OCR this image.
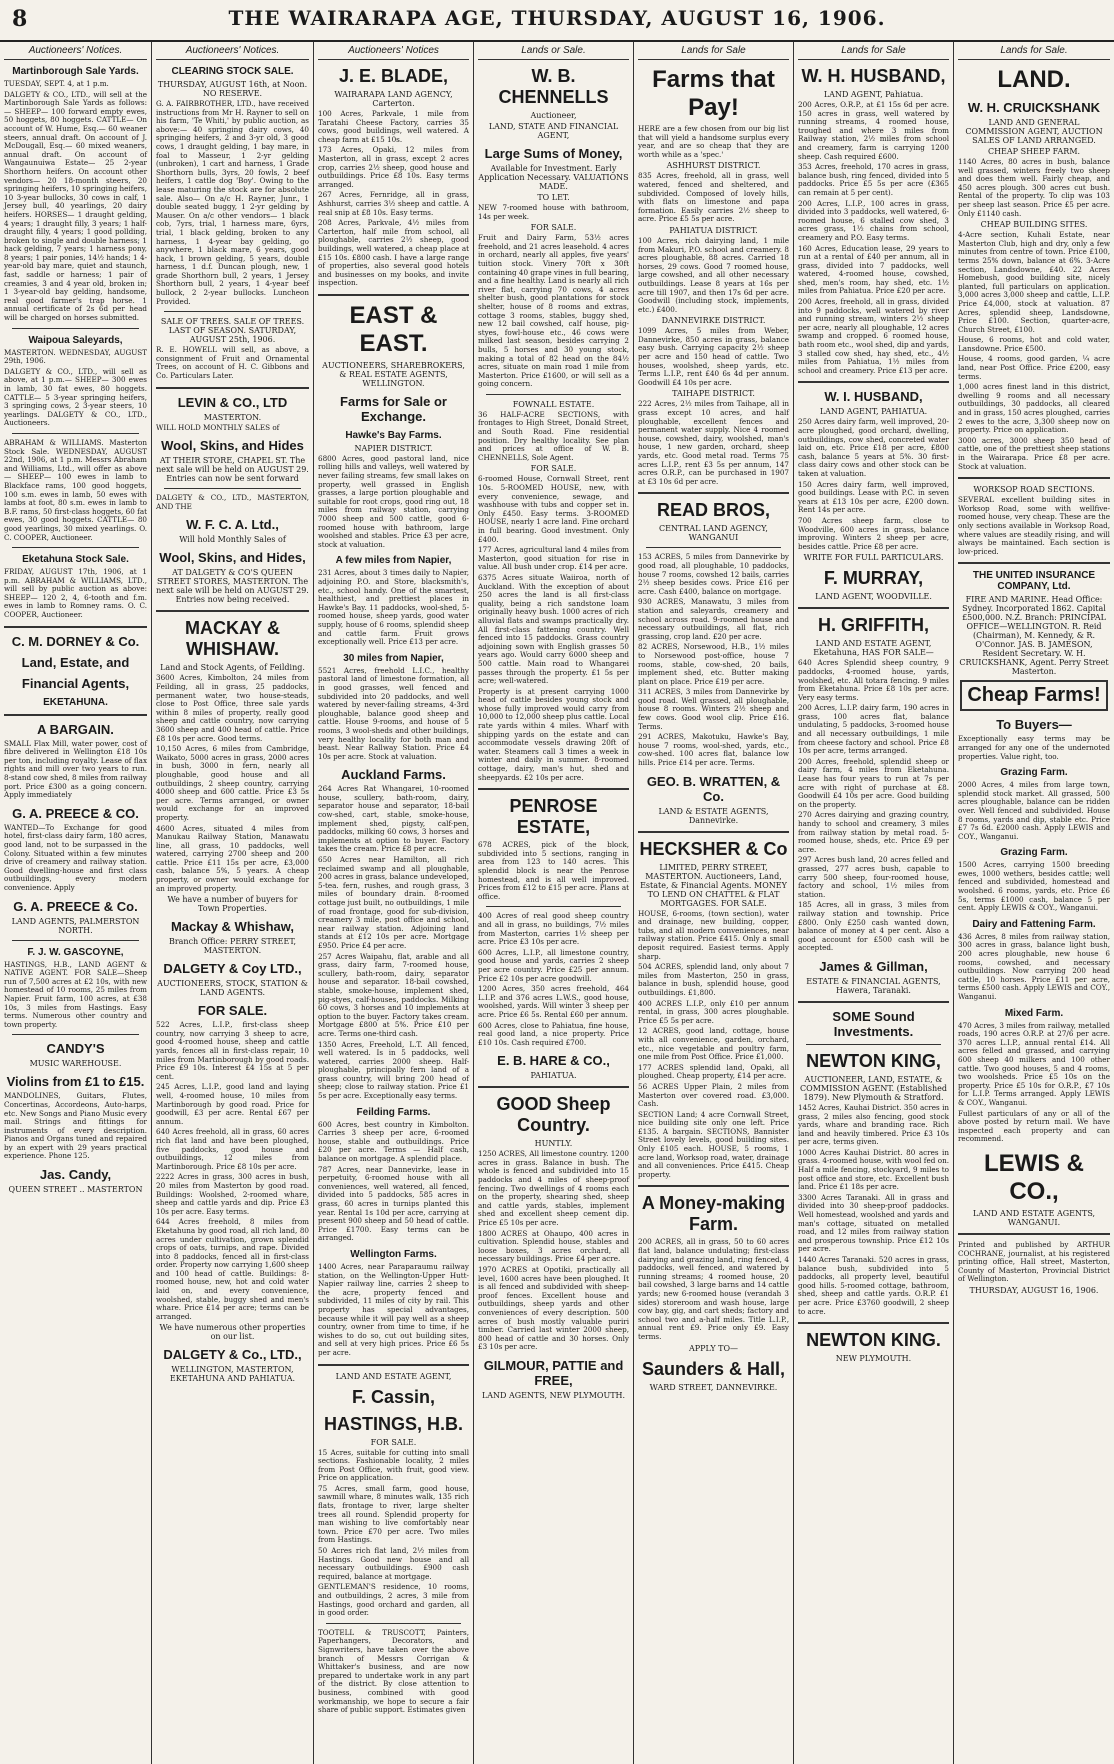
8	THE WAIRARAPA AGE, THURSDAY, AUGUST 16, 1906.
Auctioneers' Notices.
Martinborough Sale Yards.
TUESDAY, SEPT. 4, at 1 p.m.
DALGETY & CO., LTD., will sell at the Martinborough Sale Yards as follows:— SHEEP— 100 forward empty ewes, 50 hoggets, 80 hoggets. CATTLE— On account of W. Hume, Esq.— 60 weaner steers, annual draft. On account of J. McDougall, Esq.— 60 mixed weaners, annual draft. On account of Wangaunuiwa Estate— 25 2-year Shorthorn heifers. On account other vendors— 20 18-month steers, 20 springing heifers, 10 springing heifers, 10 3-year bullocks, 30 cows in calf, 1 Jersey bull, 40 yearlings, 20 dairy heifers. HORSES— 1 draught gelding, 4 years; 1 draught filly, 3 years; 1 half-draught filly, 4 years; 1 good pollding, broken to single and double harness; 1 hack gelding, 7 years; 1 harness pony, 8 years; 1 pair ponies, 14½ hands; 1 4-year-old bay mare, quiet and staunch, fast, saddle or harness; 1 pair of creamies, 3 and 4 year old, broken in; 1 3-year-old bay gelding, handsome, real good farmer's trap horse. 1 annual certificate of 2s 6d per head will be charged on horses submitted.
Waipoua Saleyards,
MASTERTON. WEDNESDAY, AUGUST 29th, 1906.
DALGETY & CO., LTD., will sell as above, at 1 p.m.— SHEEP— 300 ewes in lamb, 30 fat ewes, 80 hoggets. CATTLE— 5 3-year springing heifers, 3 springing cows, 2 3-year steers, 10 yearlings. DALGETY & CO., LTD., Auctioneers.
ABRAHAM & WILLIAMS. Masterton Stock Sale. WEDNESDAY, AUGUST 22nd, 1906, at 1 p.m. Messrs Abraham and Williams, Ltd., will offer as above— SHEEP— 100 ewes in lamb to Blackface rams, 100 good hoggets, 100 s.m. ewes in lamb, 50 ewes with lambs at foot, 80 s.m. ewes in lamb to B.F. rams, 50 first-class hoggets, 60 fat ewes, 30 good hoggets. CATTLE— 80 good yearlings, 30 mixed yearlings. O. C. COOPER, Auctioneer.
Eketahuna Stock Sale.
FRIDAY, AUGUST 17th, 1906, at 1 p.m. ABRAHAM & WILLIAMS, LTD., will sell by public auction as above: SHEEP— 120 2, 4, 6-tooth and f.m. ewes in lamb to Romney rams. O. C. COOPER, Auctioneer.
C. M. DORNEY & Co.
Land, Estate, and
Financial Agents,
EKETAHUNA.
A BARGAIN.
SMALL Flax Mill, water power, cost of fibre delivered in Wellington £18 10s per ton, including royalty. Lease of flax rights and mill over two years to run. 8-stand cow shed, 8 miles from railway port. Price £300 as a going concern. Apply immediately
G. A. PREECE & CO.
WANTED—To Exchange for good hotel, first-class dairy farm, 180 acres, good land, not to be surpassed in the Colony. Situated within a few minutes drive of creamery and railway station. Good dwelling-house and first class outbuildings, every modern convenience. Apply
G. A. PREECE & Co.
LAND AGENTS, PALMERSTON NORTH.
F. J. W. GASCOYNE,
HASTINGS, H.B., LAND AGENT & NATIVE AGENT. FOR SALE—Sheep run of 7,500 acres at £2 10s, with new homestead of 10 rooms, 25 miles from Napier. Fruit farm, 100 acres, at £38 10s, 3 miles from Hastings. Easy terms. Numerous other country and town property.
CANDY'S
MUSIC WAREHOUSE.
Violins from £1 to £15.
MANDOLINES, Guitars, Flutes, Concertinas, Accordeons, Auto-harps, etc. New Songs and Piano Music every mail. Strings and fittings for instruments of every description. Pianos and Organs tuned and repaired by an expert with 29 years practical experience. Phone 125.
Jas. Candy,
QUEEN STREET .. MASTERTON
Auctioneers' Notices.
CLEARING STOCK SALE.
THURSDAY, AUGUST 16th, at Noon. NO RESERVE.
G. A. FAIRBROTHER, LTD., have received instructions from Mr H. Rayner to sell on his farm, 'Te Whiti,' by public auction, as above:— 40 springing dairy cows, 40 springing heifers, 2 and 3-yr old, 3 good cows, 1 draught gelding, 1 bay mare, in foal to Masseur, 1 2-yr gelding (unbroken), 1 cart and harness, 1 Grade Shorthorn bulls, 3yrs, 20 fowls, 2 beef heifers, 1 cattle dog 'Boy'. Owing to the lease maturing the stock are for absolute sale. Also— On a/c H. Rayner, Junr., 1 double seated buggy, 1 2-yr gelding by Mauser. On a/c other vendors— 1 black cob, 7yrs, trial, 1 harness mare, 6yrs, trial, 1 black gelding, broken to any harness, 1 4-year bay gelding, go anywhere, 1 black mare, 6 years, good hack, 1 brown gelding, 5 years, double harness, 1 d.f. Duncan plough, new, 1 grade Shorthorn bull, 2 years, 1 Jersey Shorthorn bull, 2 years, 1 4-year beef bullock, 2 2-year bullocks. Luncheon Provided.
SALE OF TREES. SALE OF TREES. LAST OF SEASON. SATURDAY, AUGUST 25th, 1906.
R. E. HOWELL will sell, as above, a consignment of Fruit and Ornamental Trees, on account of H. C. Gibbons and Co. Particulars Later.
LEVIN & CO., LTD
MASTERTON.
WILL HOLD MONTHLY SALES of
Wool, Skins, and Hides
AT THEIR STORE, CHAPEL ST. The next sale will be held on AUGUST 29. Entries can now be sent forward
DALGETY & CO., LTD., MASTERTON, AND THE
W. F. C. A. Ltd.,
Will hold Monthly Sales of
Wool, Skins, and Hides,
AT DALGETY & CO'S QUEEN STREET STORES, MASTERTON. The next sale will be held on AUGUST 29. Entries now being received.
MACKAY & WHISHAW.
Land and Stock Agents, of Feilding.
3600 Acres, Kimbolton, 24 miles from Feilding, all in grass, 25 paddocks, permanent water, two house-steads, close to Post Office, three sale yards within 8 miles of property, really good sheep and cattle country, now carrying 3600 sheep and 400 head of cattle. Price £8 10s per acre. Good terms.
10,150 Acres, 6 miles from Cambridge, Waikato, 5000 acres in grass, 2000 acres in bush, 3000 in fern, nearly all ploughable, good house and all outbuildings, 2 sheep country, carrying 4000 sheep and 600 cattle. Price £3 5s per acre. Terms arranged, or owner would exchange for an improved property.
4600 Acres, situated 4 miles from Manukau Railway Station, Manawatu line, all grass, 10 paddocks, well watered, carrying 2700 sheep and 200 cattle. Price £11 15s per acre, £3,000 cash, balance 5%, 5 years. A cheap property, or owner would exchange for an improved property.
We have a number of buyers for Town Properties.
Mackay & Whishaw,
Branch Office: PERRY STREET, MASTERTON.
DALGETY & Coy LTD.,
AUCTIONEERS, STOCK, STATION & LAND AGENTS.
FOR SALE.
522 Acres, L.I.P., first-class sheep country, now carrying 3 sheep to acre, good 4-roomed house, sheep and cattle yards, fences all in first-class repair, 10 miles from Martinborough by good roads. Price £9 10s. Interest £4 15s at 5 per cent.
245 Acres, L.I.P., good land and laying well, 4-roomed house, 10 miles from Martinborough by good road. Price for goodwill, £3 per acre. Rental £67 per annum.
640 Acres freehold, all in grass, 60 acres rich flat land and have been ploughed, five paddocks, good house and outbuildings, 12 miles from Martinborough. Price £8 10s per acre.
2222 Acres in grass, 300 acres in bush, 20 miles from Masterton by good road. Buildings: Woolshed, 2-roomed whare, sheep and cattle yards and dip. Price £3 10s per acre. Easy terms.
644 Acres freehold, 8 miles from Eketahuna by good road, all rich land, 80 acres under cultivation, grown splendid crops of oats, turnips, and rape. Divided into 8 paddocks, fenced all in first-class order. Property now carrying 1,600 sheep and 100 head of cattle. Buildings: 8-roomed house, new, hot and cold water laid on, and every convenience, woolshed, stable, buggy shed and men's whare. Price £14 per acre; terms can be arranged.
We have numerous other properties on our list.
DALGETY & Co., LTD.,
WELLINGTON, MASTERTON, EKETAHUNA AND PAHIATUA.
Auctioneers' Notices
J. E. BLADE,
WAIRARAPA LAND AGENCY, Carterton.
100 Acres, Parkvale, 1 mile from Taratahi Cheese Factory, carries 35 cows, good buildings, well watered. A cheap farm at £15 10s.
173 Acres, Opaki, 12 miles from Masterton, all in grass, except 2 acres crop, carries 2½ sheep, good house and outbuildings. Price £8 10s. Easy terms arranged.
267 Acres, Fernridge, all in grass, Ashhurst, carries 3½ sheep and cattle. A real snip at £8 10s. Easy terms.
208 Acres, Parkvale, 4½ miles from Carterton, half mile from school, all ploughable, carries 2½ sheep, good buildings, well watered, a cheap place at £15 10s. £800 cash. I have a large range of properties, also several good hotels and businesses on my books, and invite inspection.
EAST & EAST.
AUCTIONEERS, SHAREBROKERS, & REAL ESTATE AGENTS, WELLINGTON.
Farms for Sale or Exchange.
Hawke's Bay Farms.
NAPIER DISTRICT.
6800 Acres, good pastoral land, nice rolling hills and valleys, well watered by never failing streams, few small lakes on property, well grassed in English grasses, a large portion ploughable and suitable for root crops, good ring out, 18 miles from railway station, carrying 7000 sheep and 500 cattle, good 6-roomed house with bathroom, large woolshed and stables. Price £3 per acre, stock at valuation.
A few miles from Napier,
231 Acres, about 3 times daily to Napier, adjoining P.O. and Store, blacksmith's, etc., school handy. One of the smartest, healthiest, and prettiest places in Hawke's Bay. 11 paddocks, wool-shed, 5-roomed house, sheep yards, good water supply, house of 6 rooms, splendid sheep and cattle farm. Fruit grows exceptionally well. Price £13 per acre.
30 miles from Napier,
5521 Acres, freehold L.I.C., healthy pastoral land of limestone formation, all in good grasses, well fenced and subdivided into 20 paddocks, and well watered by never-failing streams, 4-3rd ploughable, balance good sheep and cattle. House 9-rooms, and house of 5 rooms, 3 wool-sheds and other buildings, very healthy locality for both man and beast. Near Rallway Station. Price £4 10s per acre. Stock at valuation.
Auckland Farms.
264 Acres Rat Whangarei, 10-roomed house, scullery, bath-room, dairy, separator house and separator, 18-bail cow-shed, cart, stable, smoke-house, implement shed, pigsty, calf-pen, paddocks, milking 60 cows, 3 horses and implements at option to buyer. Factory takes the cream. Price £8 per acre.
650 Acres near Hamilton, all rich reclaimed swamp and all ploughable, 200 acres in grass, balance undeveloped, 5-tea. fern, rushes, and rough grass, 3 miles of boundary drain. 8-roomed cottage just built, no outbuildings, 1 mile of road frontage, good for sub-division, creamery 3 mile, post office and school, near railway station. Adjoining land stands at £12 10s per acre. Mortgage £950. Price £4 per acre.
257 Acres Waipahu, flat, arable and all grass, dairy farm, 7-roomed house, scullery, bath-room, dairy, separator house and separator. 18-bail cowshed, stable, smoke-house, implement shed, pig-styes, calf-houses, paddocks. Milking 60 cows, 3 horses and 10 implements at option to the buyer. Factory takes cream. Mortgage £800 at 5%. Price £10 per acre. Terms one-third cash.
1350 Acres, Freehold, L.T. All fenced, well watered. Is in 5 paddocks, well watered, carries 2000 sheep. Half-ploughable, principally fern land of a grass country, will bring 200 head of sheep; close to railway station. Price £1 5s per acre. Exceptionally easy terms.
Feilding Farms.
600 Acres, best country in Kimbolton. Carries 3 sheep per acre, 6-roomed house, stable and outbuildings. Price £20 per acre. Terms — Half cash, balance on mortgage. A splendid place.
787 Acres, near Dannevirke, lease in perpetuity, 6-roomed house with all conveniences, well watered, all fenced, divided into 5 paddocks, 585 acres in grass, 60 acres in turnips planted this year. Rental 1s 10d per acre, carrying at present 900 sheep and 50 head of cattle. Price £1700. Easy terms can be arranged.
Wellington Farms.
1400 Acres, near Paraparaumu railway station, on the Wellington-Upper Hutt-Napier railway line, carries 2 sheep to the acre, property fenced and subdivided, 11 miles of city by rail. This property has special advantages, because while it will pay well as a sheep country, owner from time to time, if he wishes to do so, cut out building sites, and sell at very high prices. Price £6 5s per acre.
LAND AND ESTATE AGENT,
F. Cassin,
HASTINGS, H.B.
FOR SALE.
15 Acres, suitable for cutting into small sections. Fashionable locality, 2 miles from Post Office, with fruit, good view. Price on application.
75 Acres, small farm, good house, sawmill whare, 8 minutes walk, 135 rich flats, frontage to river, large shelter trees all round. Splendid property for man wishing to live comfortably near town. Price £70 per acre. Two miles from Hastings.
50 Acres rich flat land, 2½ miles from Hastings. Good new house and all necessary outbuildings. £900 cash required, balance at mortgage.
GENTLEMAN'S residence, 10 rooms, and outbuildings, 2 acres, 3 mile from Hastings, good orchard and garden, all in good order.
TOOTELL & TRUSCOTT, Painters, Paperhangers, Decorators, and Signwriters, have taken over the above branch of Messrs Corrigan & Whittaker's business, and are now prepared to undertake work in any part of the district. By close attention to business, combined with good workmanship, we hope to secure a fair share of public support. Estimates given
Lands or Sale.
W. B. CHENNELLS
Auctioneer,
LAND, STATE AND FINANCIAL AGENT,
Large Sums of Money,
Available for Investment. Early Application Necessary. VALUATIONS MADE.
TO LET.
NEW 7-roomed house with bathroom, 14s per week.
FOR SALE.
Fruit and Dairy Farm, 53½ acres freehold, and 21 acres leasehold. 4 acres in orchard, nearly all apples, five years' tuition stock. Vinery 70ft x 30ft containing 40 grape vines in full bearing, and a fine healthy. Land is nearly all rich river flat, carrying 70 cows, 4 acres shelter bush, good plantations for stock shelter, house of 8 rooms and extras, cottage 3 rooms, stables, buggy shed, new 12 bail cowshed, calf house, pig-styes, fowl-house etc., 46 cows were milked last season, besides carrying 2 bulls, 5 horses and 30 young stock, making a total of 82 head on the 84½ acres, situate on main road 1 mile from Masterton. Price £1600, or will sell as a going concern.
FOWNALL ESTATE.
36 HALF-ACRE SECTIONS, with frontages to High Street, Donald Street, and South Road. Fine residential position. Dry healthy locality. See plan and prices at office of W. B. CHENNELLS, Sole Agent.
FOR SALE.
6-roomed House, Cornwall Street, rent 10s. 5-ROOMED HOUSE, new, with every convenience, sewage, and washhouse with tubs and copper set in. Only £450. Easy terms. 3-ROOMED HOUSE, nearly 1 acre land. Fine orchard in full bearing. Good investment. Only £400.
177 Acres, agricultural land 4 miles from Masterton, good situation for rise in value. All bush under crop. £14 per acre.
6375 Acres situate Waiiroa, north of Auckland. With the exception of about 250 acres the land is all first-class quality, being a rich sandstone loam originally heavy bush. 1000 acres of rich alluvial flats and swamps practically dry. All first-class fattening country. Well fenced into 15 paddocks. Grass country adjoining sown with English grasses 50 years ago. Would carry 6000 sheep and 500 cattle. Main road to Whangarei passes through the property. £1 5s per acre; well-watered.
Property is at present carrying 1000 head of cattle besides young stock and whose fully improved would carry from 10,000 to 12,000 sheep plus cattle. Local rate yards within 4 miles. Wharf with shipping yards on the estate and can accommodate vessels drawing 20ft of water. Steamers call 3 times a week in winter and daily in summer. 8-roomed cottage, dairy, man's hut, shed and sheepyards. £2 10s per acre.
PENROSE ESTATE,
678 ACRES, pick of the block, subdivided into 5 sections, ranging in area from 123 to 140 acres. This splendid block is near the Penrose homestead, and is all well improved. Prices from £12 to £15 per acre. Plans at office.
400 Acres of real good sheep country and all in grass, no buildings, 7½ miles from Masterton, carries 1½ sheep per acre. Price £3 10s per acre.
600 Acres, L.I.P., all limestone country, good house and yards, carries 2 sheep per acre country. Price £25 per annum. Price £2 10s per acre goodwill.
1200 Acres, 350 acres freehold, 464 L.I.P. and 376 acres L.W.S., good house, woolshed, yards. Will winter 3 sheep per acre. Price £6 5s. Rental £60 per annum.
600 Acres, close to Pahiatua, fine house, real good land, a nice property. Price £10 10s. Cash required £700.
E. B. HARE & CO.,
PAHIATUA.
GOOD Sheep Country.
HUNTLY.
1250 ACRES, All limestone country. 1200 acres in grass. Balance in bush. The whole is fenced and subdivided into 15 paddocks and 4 miles of sheep-proof fencing. Two dwellings of 4 rooms each on the property, shearing shed, sheep and cattle yards, stables, implement shed and excellent sheep cement dip. Price £5 10s per acre.
1800 ACRES at Ohaupo, 400 acres in cultivation. Splendid house, stables and loose boxes, 3 acres orchard, all necessary buildings. Price £4 per acre.
1970 ACRES at Opotiki, practically all level, 1600 acres have been ploughed. It is all fenced and subdivided with sheep-proof fences. Excellent house and outbuildings, sheep yards and other conveniences of every description. 500 acres of bush mostly valuable puriri timber. Carried last winter 2000 sheep, 800 head of cattle and 30 horses. Only £3 10s per acre.
GILMOUR, PATTIE and FREE,
LAND AGENTS, NEW PLYMOUTH.
Lands for Sale
Farms that Pay!
HERE are a few chosen from our big list that will yield a handsome surplus every year, and are so cheap that they are worth while as a 'spec.'
ASHHURST DISTRICT.
835 Acres, freehold, all in grass, well watered, fenced and sheltered, and subdivided. Composed of lovely hills, with flats on limestone and papa formation. Easily carries 2½ sheep to acre. Price £5 5s per acre.
PAHIATUA DISTRICT.
100 Acres, rich dairying land, 1 mile from Makuri, P.O. school and creamery. 8 acres ploughable, 88 acres. Carried 18 horses, 29 cows. Good 7 roomed house, large cowshed, and all other necessary outbuildings. Lease 8 years at 16s per acre till 1907, and then 17s 6d per acre. Goodwill (including stock, implements, etc.) £400.
DANNEVIRKE DISTRICT.
1099 Acres, 5 miles from Weber, Dannevirke, 850 acres in grass, balance easy bush. Carrying capacity 2½ sheep per acre and 150 head of cattle. Two houses, woolshed, sheep yards, etc. Terms L.I.P., rent £40 6s 4d per annum. Goodwill £4 10s per acre.
TAIHAPE DISTRICT.
222 Acres, 2½ miles from Taihape, all in grass except 10 acres, and half ploughable, excellent fences and permanent water supply. Nice 4 roomed house, cowshed, dairy, woolshed, man's house, 1 new garden, orchard, sheep yards, etc. Good metal road. Terms 75 acres L.I.P., rent £3 5s per annum, 147 acres O.R.P., can be purchased in 1907 at £3 10s 6d per acre.
READ BROS,
CENTRAL LAND AGENCY, WANGANUI
153 ACRES, 5 miles from Dannevirke by good road, all ploughable, 10 paddocks, house 7 rooms, cowshed 12 bails, carries 2½ sheep besides cows. Price £16 per acre. Cash £400, balance on mortgage.
930 ACRES, Manawatu, 3 miles from station and saleyards, creamery and school across road. 9-roomed house and necessary outbuildings, all flat, rich grassing, crop land. £20 per acre.
82 ACRES, Norsewood, H.B., 1½ miles to Norsewood post-office, house 7 rooms, stable, cow-shed, 20 bails, implement shed, etc. Butter making plant on place. Price £19 per acre.
311 ACRES, 3 miles from Dannevirke by good road. Well grassed, all ploughable, house 8 rooms. Winters 2½ sheep and few cows. Good wool clip. Price £16. Terms.
291 ACRES, Makotuku, Hawke's Bay, house 7 rooms, wool-shed, yards, etc., cow-shed. 100 acres flat, balance low hills. Price £14 per acre. Terms.
GEO. B. WRATTEN, & Co.
LAND & ESTATE AGENTS, Dannevirke.
HECKSHER & Co
LIMITED, PERRY STREET, MASTERTON. Auctioneers, Land, Estate, & Financial Agents. MONEY TO LEND ON CHATTEL & FLAT MORTGAGES. FOR SALE.
HOUSE, 6-rooms, (town section), water and drainage, new building, copper, tubs, and all modern conveniences, near railway station. Price £415. Only a small deposit required. Easiest terms. Apply sharp.
504 ACRES, splendid land, only about 7 miles from Masterton, 250 in grass, balance in bush, splendid house, good outbuildings. £1,800.
400 ACRES L.I.P., only £10 per annum rental, in grass, 300 acres ploughable. Price £5 5s per acre.
12 ACRES, good land, cottage, house with all convenience, garden, orchard, etc., nice vegetable and poultry farm, one mile from Post Office. Price £1,000.
177 ACRES splendid land, Opaki, all ploughed. Cheap property, £14 per acre.
56 ACRES Upper Plain, 2 miles from Masterton over covered road. £3,000. Cash.
SECTION Land; 4 acre Cornwall Street, nice building site only one left. Price £135. A bargain. SECTIONS, Bannister Street lovely levels, good building sites. Only £105 each. HOUSE, 5 rooms, 1 acre land, Worksop road, water, drainage and all conveniences. Price £415. Cheap property.
A Money-making Farm.
200 ACRES, all in grass, 50 to 60 acres flat land, balance undulating; first-class dairying and grazing land, ring fenced, 4 paddocks, well fenced, and watered by running streams; 4 roomed house, 20 bail cowshed, 3 large barns and 14 cattle yards; new 6-roomed house (verandah 3 sides) storeroom and wash house, large cow bay, gig, and cart sheds; factory and school two and a-half miles. Title L.I.P., annual rent £9. Price only £9. Easy terms.
APPLY TO—
Saunders & Hall,
WARD STREET, DANNEVIRKE.
Lands for Sale
W. H. HUSBAND,
LAND AGENT, Pahiatua.
200 Acres, O.R.P., at £1 15s 6d per acre. 150 acres in grass, well watered by running streams, 4 roomed house, troughed and where 3 miles from Railway station, 2½ miles from school and creamery, farm is carrying 1200 sheep. Cash required £600.
353 Acres, freehold, 170 acres in grass, balance bush, ring fenced, divided into 5 paddocks. Price £5 5s per acre (£365 can remain at 5 per cent).
200 Acres, L.I.P., 100 acres in grass, divided into 3 paddocks, well watered, 6-roomed house, 6 stalled cow shed, 3 acres grass, 1½ chains from school, creamery and P.O. Easy terms.
160 Acres, Education lease, 29 years to run at a rental of £40 per annum, all in grass, divided into 7 paddocks, well watered, 4-roomed house, cowshed, shed, men's room, hay shed, etc. 1½ miles from Pahiatua. Price £20 per acre.
200 Acres, freehold, all in grass, divided into 9 paddocks, well watered by river and running stream, winters 2½ sheep per acre, nearly all ploughable, 12 acres swamp and cropped. 6 roomed house, bath room etc., wool shed, dip and yards, 3 stalled cow shed, hay shed, etc., 4½ miles from Pahiatua, 1½ miles from school and creamery. Price £13 per acre.
W. I. HUSBAND,
LAND AGENT, PAHIATUA.
250 Acres dairy farm, well improved, 20-acre ploughed, good orchard, dwelling, outbuildings, cow shed, concreted water laid on, etc. Price £18 per acre, £800 cash, balance 5 years at 5%. 30 first-class dairy cows and other stock can be taken at valuation.
150 Acres dairy farm, well improved, good buildings. Lease with P.C. in seven years at £13 10s per acre, £200 down. Rent 14s per acre.
700 Acres sheep farm, close to Woodville, 600 acres in grass, balance improving. Winters 2 sheep per acre, besides cattle. Price £8 per acre.
WRITE FOR FULL PARTICULARS.
F. MURRAY,
LAND AGENT, WOODVILLE.
H. GRIFFITH,
LAND AND ESTATE AGENT, Eketahuna, HAS FOR SALE—
640 Acres Splendid sheep country, 9 paddocks, 4-roomed house, yards, woolshed, etc. All totara fencing. 9 miles from Eketahuna. Price £8 10s per acre. Very easy terms.
200 Acres, L.I.P. dairy farm, 190 acres in grass, 100 acres flat, balance undulating, 5 paddocks, 3-roomed house and all necessary outbuildings, 1 mile from cheese factory and school. Price £8 10s per acre, terms arranged.
200 Acres, freehold, splendid sheep or dairy farm, 4 miles from Eketahuna. Lease has four years to run at 7s per acre with right of purchase at £8. Goodwill £4 10s per acre. Good building on the property.
270 Acres dairying and grazing country, handy to school and creamery, 3 miles from railway station by metal road. 5-roomed house, sheds, etc. Price £9 per acre.
297 Acres bush land, 20 acres felled and grassed, 277 acres bush, capable to carry 500 sheep, four-roomed house, factory and school, 1½ miles from station.
185 Acres, all in grass, 3 miles from railway station and township. Price £800. Only £250 cash wanted down, balance of money at 4 per cent. Also a good account for £500 cash will be accepted.
James & Gillman,
ESTATE & FINANCIAL AGENTS, Hawera, Taranaki.
SOME Sound Investments.
NEWTON KING,
AUCTIONEER, LAND, ESTATE, & COMMISSION AGENT. (Established 1879). New Plymouth & Stratford.
1452 Acres, Kauhai District. 350 acres in grass, 2 miles also fencing, good stock yards, whare and branding race. Rich land and heavily timbered. Price £3 10s per acre, terms given.
1000 Acres Kauhai District. 80 acres in grass. 4-roomed house, with wool fed on. Half a mile fencing, stockyard, 9 miles to post office and store, etc. Excellent bush land. Price £1 18s per acre.
3300 Acres Taranaki. All in grass and divided into 30 sheep-proof paddocks. Well homestead, woolshed and yards and man's cottage, situated on metalled road, and 12 miles from railway station and prosperous township. Price £12 10s per acre.
1440 Acres Taranaki. 520 acres in grass, balance bush, subdivided into 5 paddocks, all property level, beautiful good hills. 5-roomed cottage, bathroom, shed, sheep and cattle yards. O.R.P. £1 per acre. Price £3760 goodwill, 2 sheep to acre.
NEWTON KING.
NEW PLYMOUTH.
Lands for Sale.
LAND.
W. H. CRUICKSHANK
LAND AND GENERAL COMMISSION AGENT, AUCTION SALES OF LAND ARRANGED.
CHEAP SHEEP FARM.
1140 Acres, 80 acres in bush, balance well grassed, winters freely two sheep and does them well. Fairly cheap, and 450 acres plough. 300 acres cut bush. Rental of the property. To clip was 103 per sheep last season. Price £5 per acre. Only £1140 cash.
CHEAP BUILDING SITES.
4-Acre section, Kuhali Estate, near Masterton Club, high and dry, only a few minutes from centre of town. Price £100, terms 25% down, balance at 6%. 3-Acre section, Landsdowne, £40. 22 Acres Homebush, good building site, nicely planted, full particulars on application. 3,000 acres 3,000 sheep and cattle, L.I.P. Price £4,000, stock at valuation. 87 Acres, splendid sheep, Landsdowne, Price £100. Section, quarter-acre, Church Street, £100.
House, 6 rooms, hot and cold water, Lansdowne. Price £500.
House, 4 rooms, good garden, ¼ acre land, near Post Office. Price £200, easy terms.
1,000 acres finest land in this district, dwelling 9 rooms and all necessary outbuildings, 30 paddocks, all cleared and in grass, 150 acres ploughed, carries 2 ewes to the acre, 3,300 sheep now on property. Price on application.
3000 acres, 3000 sheep 350 head of cattle, one of the prettiest sheep stations in the Wairarapa. Price £8 per acre. Stock at valuation.
WORKSOP ROAD SECTIONS.
SEVERAL excellent building sites in Worksop Road, some with wellfive-roomed house, very cheap. These are the only sections available in Worksop Road, where values are steadily rising, and will always be maintained. Each section is low-priced.
THE UNITED INSURANCE COMPANY, Ltd.
FIRE AND MARINE. Head Office: Sydney. Incorporated 1862. Capital £500,000. N.Z. Branch: PRINCIPAL OFFICE—WELLINGTON. R. Reid (Chairman), M. Kennedy, & R. O'Connor. JAS. B. JAMESON, Resident Secretary. W. H. CRUICKSHANK, Agent. Perry Street Masterton.
Cheap Farms!
To Buyers—
Exceptionally easy terms may be arranged for any one of the undernoted properties. Value right, too.
Grazing Farm.
2000 Acres, 4 miles from large town, splendid stock market. All grassed, 500 acres ploughable, balance can be ridden over. Well fenced and subdivided. House 8 rooms, yards and dip, stable etc. Price £7 7s 6d. £2000 cash. Apply LEWIS and COY., Wanganui.
Grazing Farm.
1500 Acres, carrying 1500 breeding ewes, 1000 wethers, besides cattle; well fenced and subdivided, homestead and woolshed. 6 rooms, yards, etc. Price £6 5s, terms £1000 cash, balance 5 per cent. Apply LEWIS & COY., Wanganui.
Dairy and Fattening Farm.
436 Acres, 8 miles from railway station, 300 acres in grass, balance light bush, 200 acres ploughable, new house 6 rooms, cowshed, and necessary outbuildings. Now carrying 200 head cattle, 10 horses. Price £11 per acre, terms £500 cash. Apply LEWIS and COY., Wanganui.
Mixed Farm.
470 Acres, 3 miles from railway, metalled roads, 190 acres O.R.P. at 27/6 per acre. 370 acres L.I.P., annual rental £14. All acres felled and grassed, and carrying 600 sheep 40 milkers and 100 other cattle. Two good houses, 5 and 4 rooms, two woolsheds. Price £5 10s on the property. Price £5 10s for O.R.P., £7 10s for L.I.P. Terms arranged. Apply LEWIS & COY., Wanganui.
Fullest particulars of any or all of the above posted by return mail. We have inspected each property and can recommend.
LEWIS & CO.,
LAND AND ESTATE AGENTS, WANGANUI.
Printed and published by ARTHUR COCHRANE, journalist, at his registered printing office, Hall street, Masterton, County of Masterton, Provincial District of Wellington.
THURSDAY, AUGUST 16, 1906.
